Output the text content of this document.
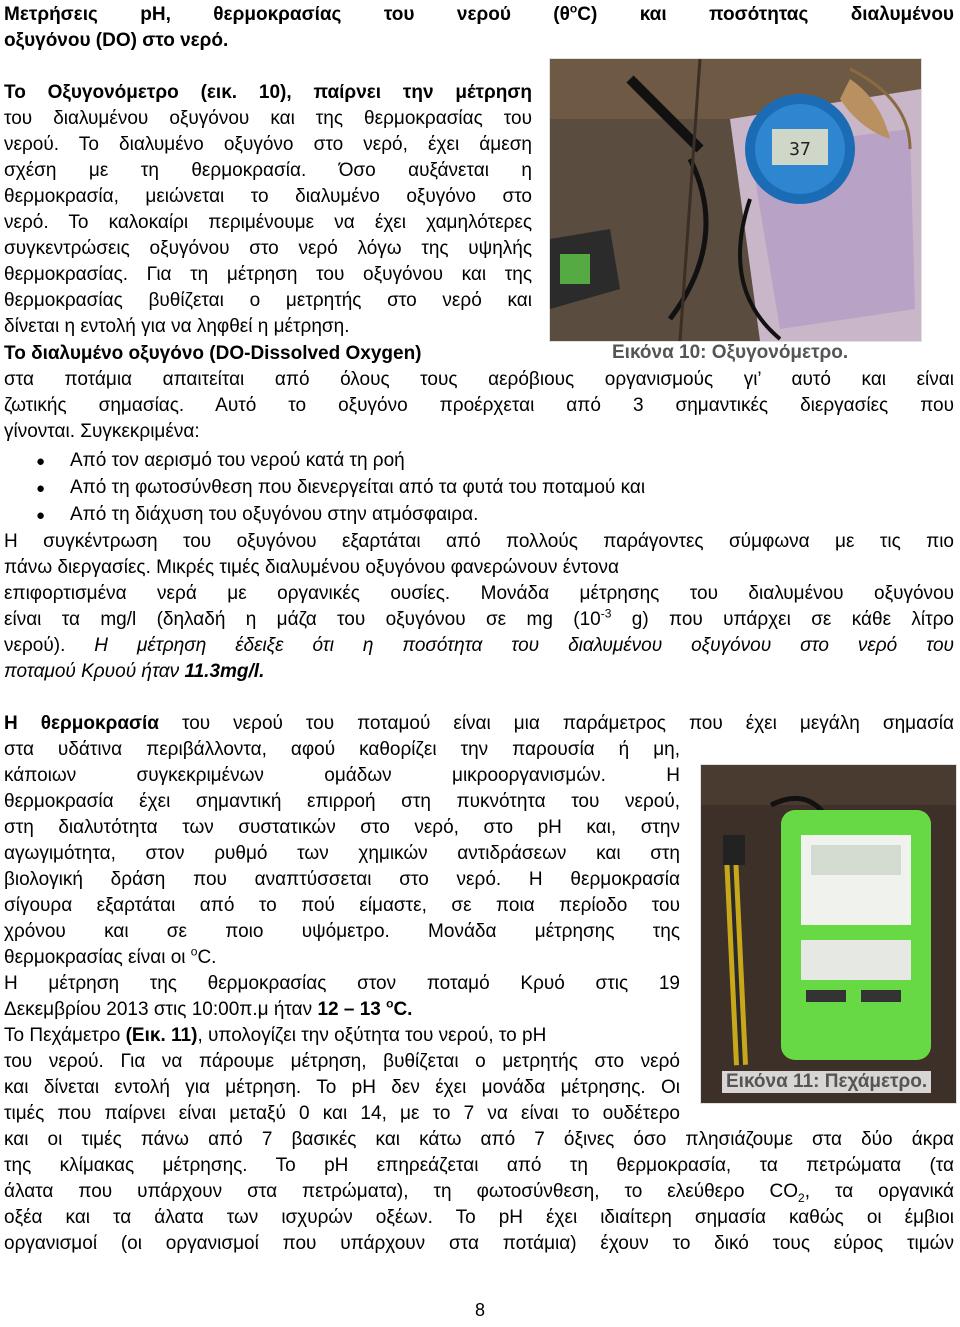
Μετρήσεις pH, θερμοκρασίας του νερού $(\theta^oC)$ και ποσότητας διαλυμένου
οξυγόνου (DO) στο νερό.
Το Οξυγονόμετρο (εικ. 10), παίρνει την μέτρηση
του διαλυμένου οξυγόνου και της θερμοκρασίας του
νερού. Το διαλυμένο οξυγόνο στο νερό, έχει άμεση
σχέση με τη θερμοκρασία. Όσο αυξάνεται η
θερμοκρασία, μειώνεται το διαλυμένο οξυγόνο στο
νερό. Το καλοκαίρι περιμένουμε να έχει χαμηλότερες
συγκεντρώσεις οξυγόνου στο νερό λόγω της υψηλής
θερμοκρασίας. Για τη μέτρηση του οξυγόνου και της
θερμοκρασίας βυθίζεται ο μετρητής στο νερό και
δίνεται η εντολή για να ληφθεί η μέτρηση.
37
Εικόνα 10: Οξυγονόμετρο.
Το διαλυμένο οξυγόνο (DO-Dissolved Oxygen)
στα ποτάμια απαιτείται από όλους τους αερόβιους οργανισμούς γι’ αυτό και είναι
ζωτικής σημασίας. Αυτό το οξυγόνο προέρχεται από 3 σημαντικές διεργασίες που
γίνονται. Συγκεκριμένα:
● Από τον αερισμό του νερού κατά τη ροή
● Από τη φωτοσύνθεση που διενεργείται από τα φυτά του ποταμού και
● Από τη διάχυση του οξυγόνου στην ατμόσφαιρα.
Η συγκέντρωση του οξυγόνου εξαρτάται από πολλούς παράγοντες σύμφωνα με τις πιο
πάνω διεργασίες. Μικρές τιμές διαλυμένου οξυγόνου φανερώνουν έντονα
επιφορτισμένα νερά με οργανικές ουσίες. Μονάδα μέτρησης του διαλυμένου οξυγόνου
είναι τα mg/l (δηλαδή η μάζα του οξυγόνου σε mg ($10^{-3}$ g) που υπάρχει σε κάθε λίτρο
νερού). Η μέτρηση έδειξε ότι η ποσότητα του διαλυμένου οξυγόνου στο νερό του
ποταμού Κρυού ήταν 11.3mg/l.
Η θερμοκρασία του νερού του ποταμού είναι μια παράμετρος που έχει μεγάλη σημασία
στα υδάτινα περιβάλλοντα, αφού καθορίζει την παρουσία ή μη,
κάποιων συγκεκριμένων ομάδων μικροοργανισμών. Η
θερμοκρασία έχει σημαντική επιρροή στη πυκνότητα του νερού,
στη διαλυτότητα των συστατικών στο νερό, στο pH και, στην
αγωγιμότητα, στον ρυθμό των χημικών αντιδράσεων και στη
βιολογική δράση που αναπτύσσεται στο νερό. Η θερμοκρασία
σίγουρα εξαρτάται από το πού είμαστε, σε ποια περίοδο του
χρόνου και σε ποιο υψόμετρο. Μονάδα μέτρησης της
θερμοκρασίας είναι οι $^o$C.
Η μέτρηση της θερμοκρασίας στον ποταμό Κρυό στις 19
Δεκεμβρίου 2013 στις 10:00π.μ ήταν 12 – 13 $^o$C.
Το Πεχάμετρο (Εικ. 11), υπολογίζει την οξύτητα του νερού, το pH
του νερού. Για να πάρουμε μέτρηση, βυθίζεται ο μετρητής στο νερό
και δίνεται εντολή για μέτρηση. Το pH δεν έχει μονάδα μέτρησης. Οι
τιμές που παίρνει είναι μεταξύ 0 και 14, με το 7 να είναι το ουδέτερο
και οι τιμές πάνω από 7 βασικές και κάτω από 7 όξινες όσο πλησιάζουμε στα δύο άκρα
της κλίμακας μέτρησης. Το pH επηρεάζεται από τη θερμοκρασία, τα πετρώματα (τα
άλατα που υπάρχουν στα πετρώματα), τη φωτοσύνθεση, το ελεύθερο $CO_2$, τα οργανικά
οξέα και τα άλατα των ισχυρών οξέων. Το pH έχει ιδιαίτερη σημασία καθώς οι έμβιοι
οργανισμοί (οι οργανισμοί που υπάρχουν στα ποτάμια) έχουν το δικό τους εύρος τιμών
Εικόνα 11: Πεχάμετρο.
8
